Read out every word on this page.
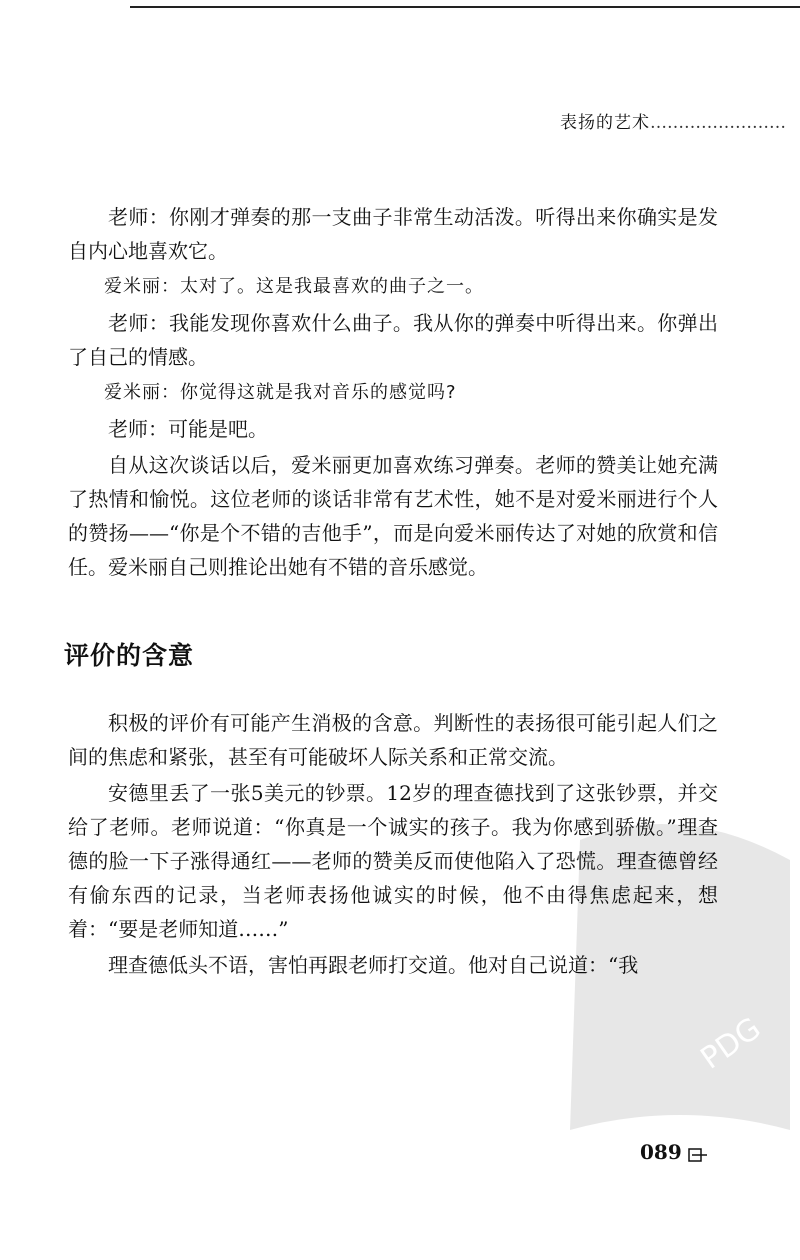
表扬的艺术……………………

老师：你刚才弹奏的那一支曲子非常生动活泼。听得出来你确实是发自内心地喜欢它。

爱米丽：太对了。这是我最喜欢的曲子之一。

老师：我能发现你喜欢什么曲子。我从你的弹奏中听得出来。你弹出了自己的情感。

爱米丽：你觉得这就是我对音乐的感觉吗?

老师：可能是吧。

自从这次谈话以后，爱米丽更加喜欢练习弹奏。老师的赞美让她充满了热情和愉悦。这位老师的谈话非常有艺术性，她不是对爱米丽进行个人的赞扬——“你是个不错的吉他手”，而是向爱米丽传达了对她的欣赏和信任。爱米丽自己则推论出她有不错的音乐感觉。

评价的含意

积极的评价有可能产生消极的含意。判断性的表扬很可能引起人们之间的焦虑和紧张，甚至有可能破坏人际关系和正常交流。

安德里丢了一张5美元的钞票。12岁的理查德找到了这张钞票，并交给了老师。老师说道：“你真是一个诚实的孩子。我为你感到骄傲。”理查德的脸一下子涨得通红——老师的赞美反而使他陷入了恐慌。理查德曾经有偷东西的记录，当老师表扬他诚实的时候，他不由得焦虑起来，想着：“要是老师知道……”

理查德低头不语，害怕再跟老师打交道。他对自己说道：“我

PDG
089
